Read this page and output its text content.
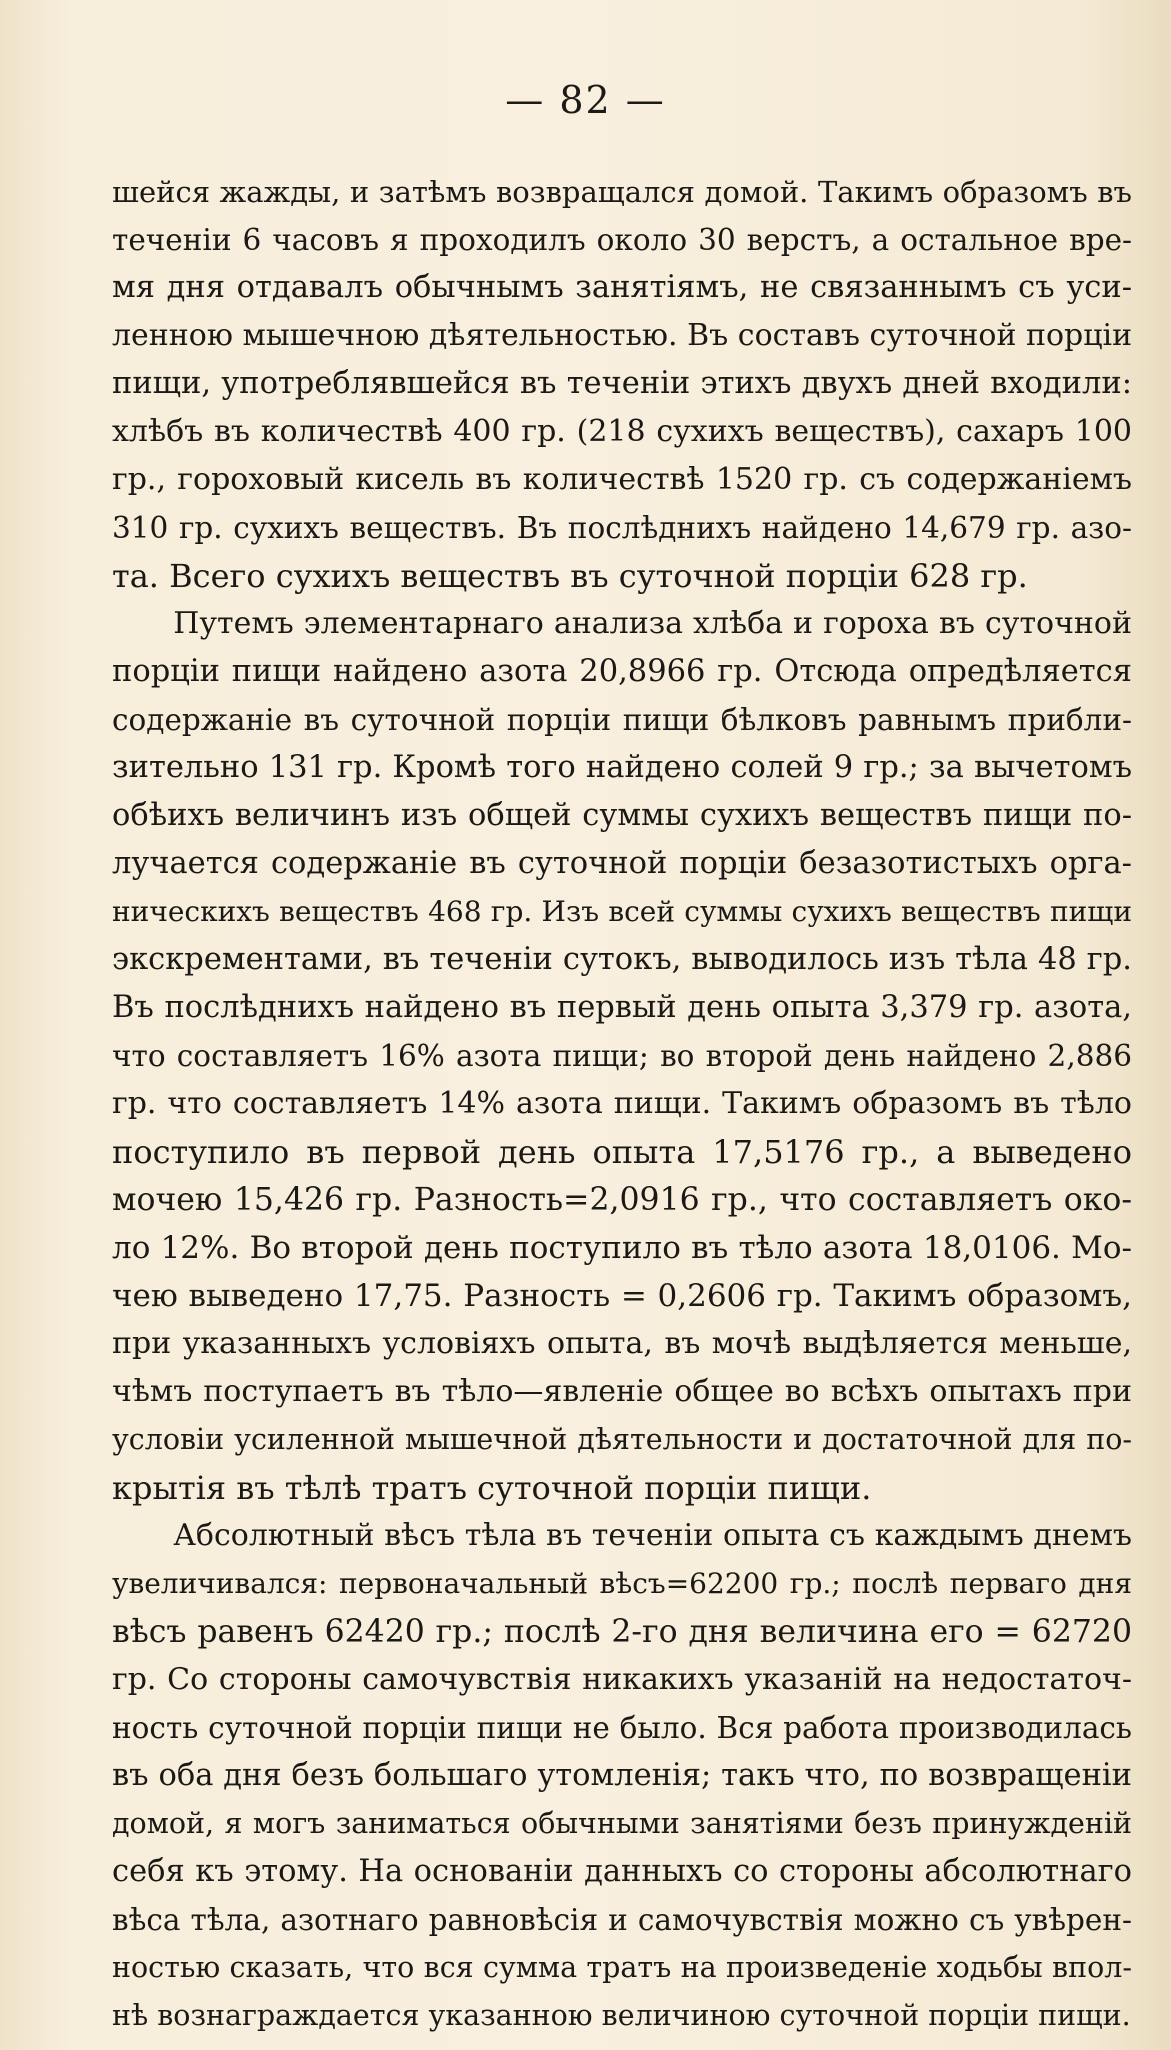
— 82 —
шейся жажды, и затѣмъ возвращался домой. Такимъ образомъ въ
теченіи 6 часовъ я проходилъ около 30 верстъ, а остальное вре-
мя дня отдавалъ обычнымъ занятіямъ, не связаннымъ съ уси-
ленною мышечною дѣятельностью. Въ составъ суточной порціи
пищи, употреблявшейся въ теченіи этихъ двухъ дней входили:
хлѣбъ въ количествѣ 400 гр. (218 сухихъ веществъ), сахаръ 100
гр., гороховый кисель въ количествѣ 1520 гр. съ содержаніемъ
310 гр. сухихъ веществъ. Въ послѣднихъ найдено 14,679 гр. азо-
та. Всего сухихъ веществъ въ суточной порціи 628 гр.
Путемъ элементарнаго анализа хлѣба и гороха въ суточной
порціи пищи найдено азота 20,8966 гр. Отсюда опредѣляется
содержаніе въ суточной порціи пищи бѣлковъ равнымъ прибли-
зительно 131 гр. Кромѣ того найдено солей 9 гр.; за вычетомъ
обѣихъ величинъ изъ общей суммы сухихъ веществъ пищи по-
лучается содержаніе въ суточной порціи безазотистыхъ орга-
ническихъ веществъ 468 гр. Изъ всей суммы сухихъ веществъ пищи
экскрементами, въ теченіи сутокъ, выводилось изъ тѣла 48 гр.
Въ послѣднихъ найдено въ первый день опыта 3,379 гр. азота,
что составляетъ 16% азота пищи; во второй день найдено 2,886
гр. что составляетъ 14% азота пищи. Такимъ образомъ въ тѣло
поступило въ первой день опыта 17,5176 гр., а выведено
мочею 15,426 гр. Разность=2,0916 гр., что составляетъ око-
ло 12%. Во второй день поступило въ тѣло азота 18,0106. Мо-
чею выведено 17,75. Разность = 0,2606 гр. Такимъ образомъ,
при указанныхъ условіяхъ опыта, въ мочѣ выдѣляется меньше,
чѣмъ поступаетъ въ тѣло—явленіе общее во всѣхъ опытахъ при
условіи усиленной мышечной дѣятельности и достаточной для по-
крытія въ тѣлѣ тратъ суточной порціи пищи.
Абсолютный вѣсъ тѣла въ теченіи опыта съ каждымъ днемъ
увеличивался: первоначальный вѣсъ=62200 гр.; послѣ перваго дня
вѣсъ равенъ 62420 гр.; послѣ 2-го дня величина его = 62720
гр. Со стороны самочувствія никакихъ указаній на недостаточ-
ность суточной порціи пищи не было. Вся работа производилась
въ оба дня безъ большаго утомленія; такъ что, по возвращеніи
домой, я могъ заниматься обычными занятіями безъ принужденій
себя къ этому. На основаніи данныхъ со стороны абсолютнаго
вѣса тѣла, азотнаго равновѣсія и самочувствія можно съ увѣрен-
ностью сказать, что вся сумма тратъ на произведеніе ходьбы впол-
нѣ вознаграждается указанною величиною суточной порціи пищи.
